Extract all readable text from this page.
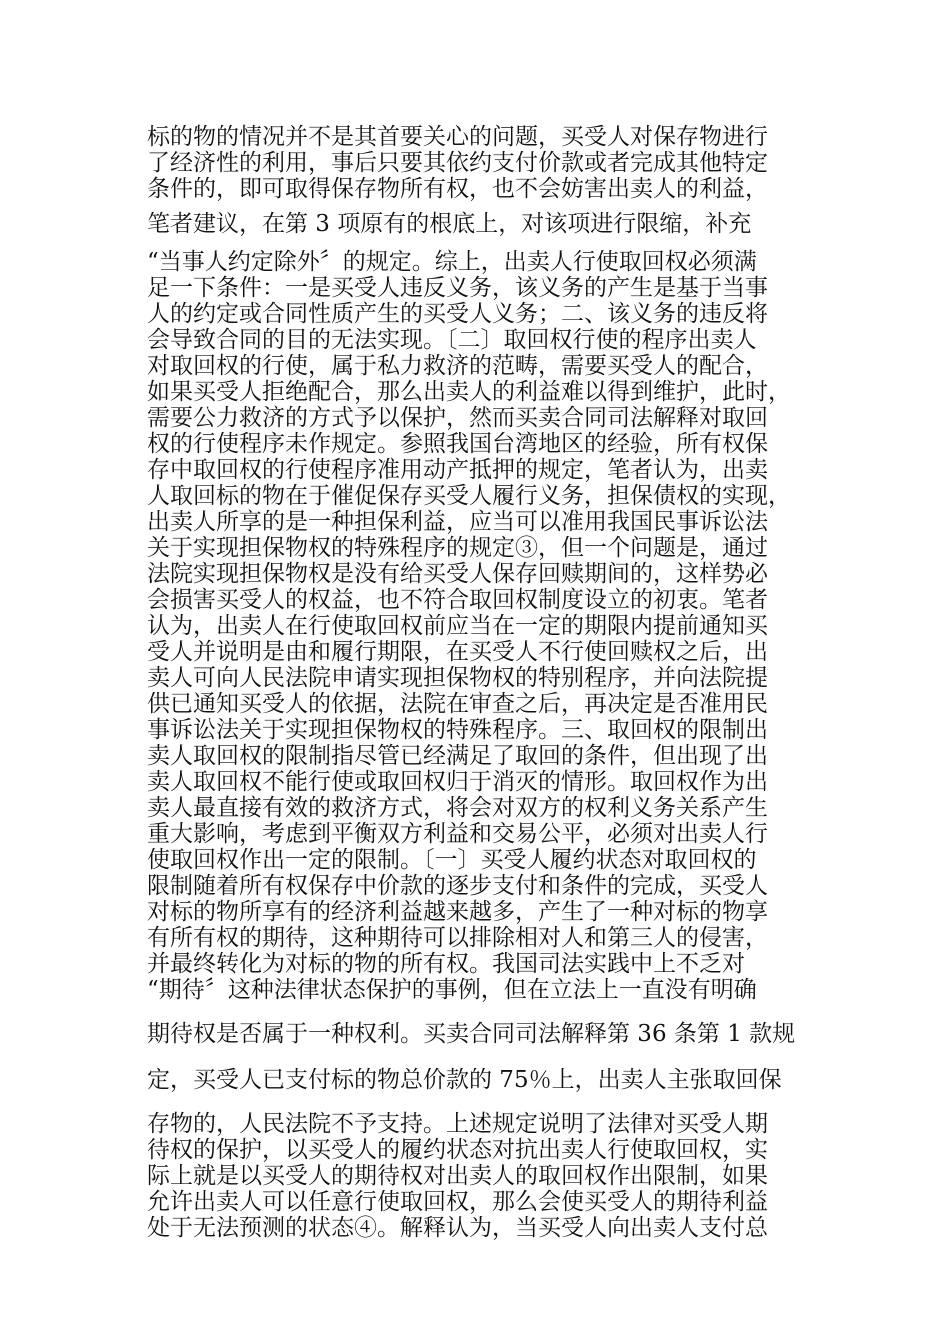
标的物的情况并不是其首要关心的问题，买受人对保存物进行
了经济性的利用，事后只要其依约支付价款或者完成其他特定
条件的，即可取得保存物所有权，也不会妨害出卖人的利益，
笔者建议，在第 3 项原有的根底上，对该项进行限缩，补充
“当事人约定除外〞的规定。综上，出卖人行使取回权必须满
足一下条件：一是买受人违反义务，该义务的产生是基于当事
人的约定或合同性质产生的买受人义务；二、该义务的违反将
会导致合同的目的无法实现。〔二〕取回权行使的程序出卖人
对取回权的行使，属于私力救济的范畴，需要买受人的配合，
如果买受人拒绝配合，那么出卖人的利益难以得到维护，此时，
需要公力救济的方式予以保护，然而买卖合同司法解释对取回
权的行使程序未作规定。参照我国台湾地区的经验，所有权保
存中取回权的行使程序准用动产抵押的规定，笔者认为，出卖
人取回标的物在于催促保存买受人履行义务，担保债权的实现，
出卖人所享的是一种担保利益，应当可以准用我国民事诉讼法
关于实现担保物权的特殊程序的规定③，但一个问题是，通过
法院实现担保物权是没有给买受人保存回赎期间的，这样势必
会损害买受人的权益，也不符合取回权制度设立的初衷。笔者
认为，出卖人在行使取回权前应当在一定的期限内提前通知买
受人并说明是由和履行期限，在买受人不行使回赎权之后，出
卖人可向人民法院申请实现担保物权的特别程序，并向法院提
供已通知买受人的依据，法院在审查之后，再决定是否准用民
事诉讼法关于实现担保物权的特殊程序。三、取回权的限制出
卖人取回权的限制指尽管已经满足了取回的条件，但出现了出
卖人取回权不能行使或取回权归于消灭的情形。取回权作为出
卖人最直接有效的救济方式，将会对双方的权利义务关系产生
重大影响，考虑到平衡双方利益和交易公平，必须对出卖人行
使取回权作出一定的限制。〔一〕买受人履约状态对取回权的
限制随着所有权保存中价款的逐步支付和条件的完成，买受人
对标的物所享有的经济利益越来越多，产生了一种对标的物享
有所有权的期待，这种期待可以排除相对人和第三人的侵害，
并最终转化为对标的物的所有权。我国司法实践中上不乏对
“期待〞这种法律状态保护的事例，但在立法上一直没有明确
期待权是否属于一种权利。买卖合同司法解释第 36 条第 1 款规
定，买受人已支付标的物总价款的 75％上，出卖人主张取回保
存物的，人民法院不予支持。上述规定说明了法律对买受人期
待权的保护，以买受人的履约状态对抗出卖人行使取回权，实
际上就是以买受人的期待权对出卖人的取回权作出限制，如果
允许出卖人可以任意行使取回权，那么会使买受人的期待利益
处于无法预测的状态④。解释认为，当买受人向出卖人支付总
